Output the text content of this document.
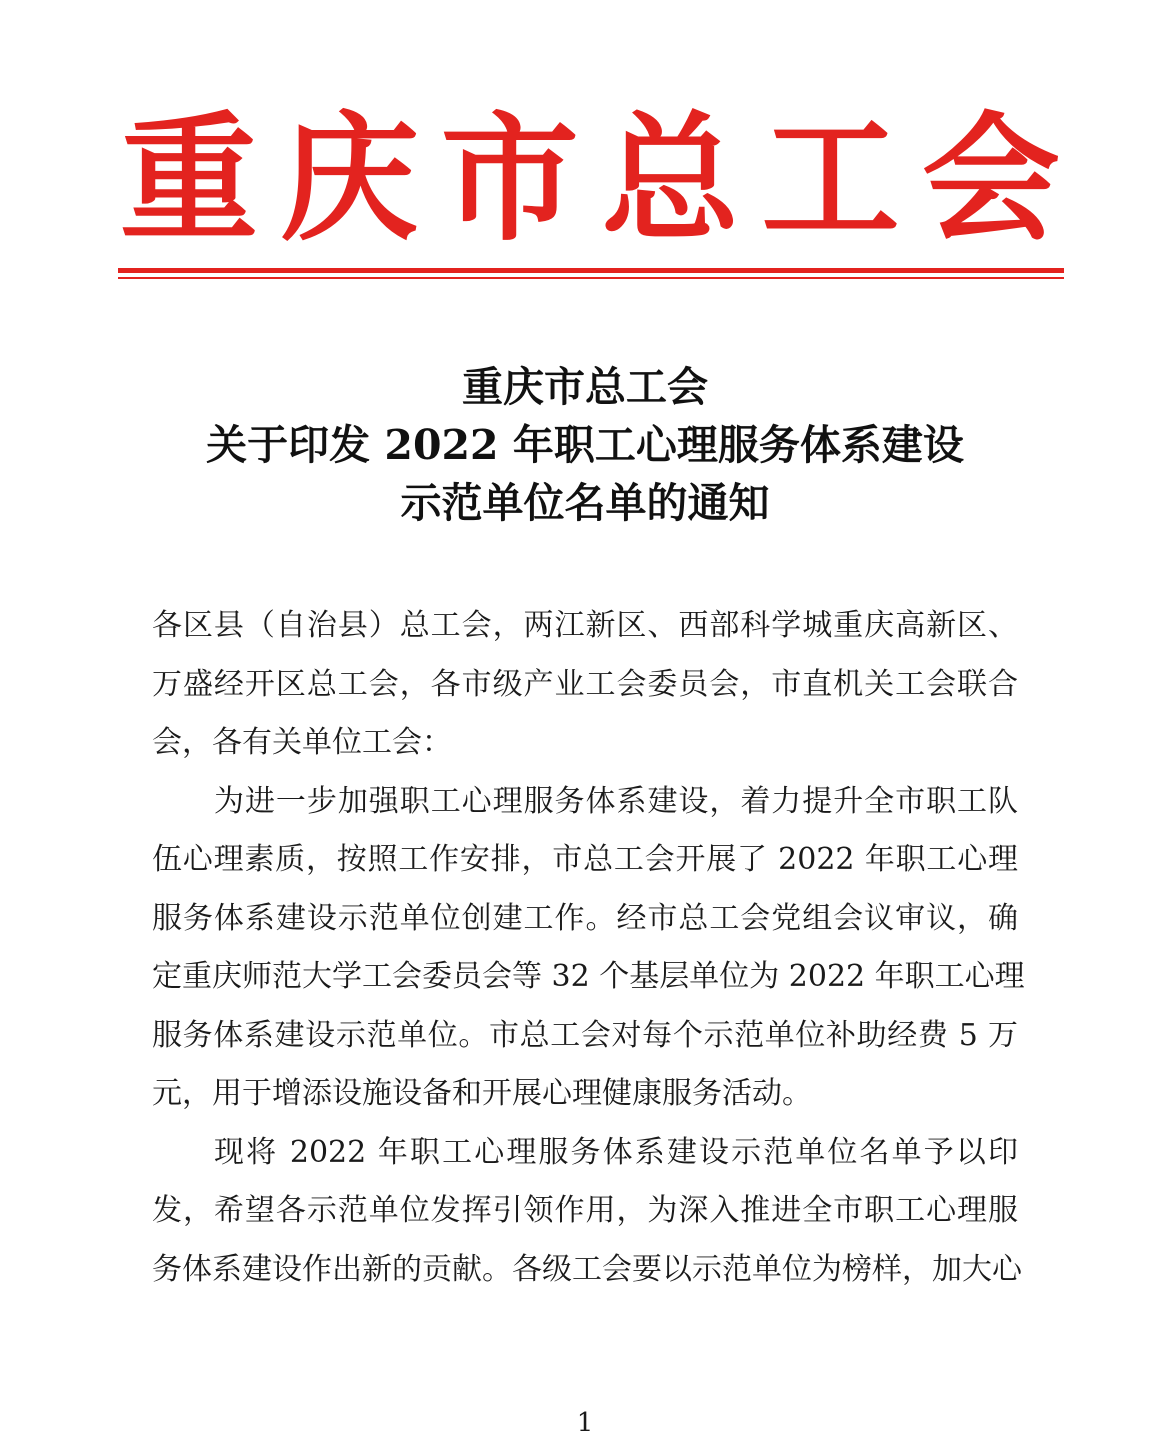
重 庆 市 总 工 会
重庆市总工会
关于印发 2022 年职工心理服务体系建设
示范单位名单的通知
各区县（自治县）总工会，两江新区、西部科学城重庆高新区、
万盛经开区总工会，各市级产业工会委员会，市直机关工会联合
会，各有关单位工会：
为进一步加强职工心理服务体系建设，着力提升全市职工队
伍心理素质，按照工作安排，市总工会开展了 2022 年职工心理
服务体系建设示范单位创建工作。经市总工会党组会议审议，确
定重庆师范大学工会委员会等 32 个基层单位为 2022 年职工心理
服务体系建设示范单位。市总工会对每个示范单位补助经费 5 万
元，用于增添设施设备和开展心理健康服务活动。
现将 2022 年职工心理服务体系建设示范单位名单予以印
发，希望各示范单位发挥引领作用，为深入推进全市职工心理服
务体系建设作出新的贡献。各级工会要以示范单位为榜样，加大心
1
